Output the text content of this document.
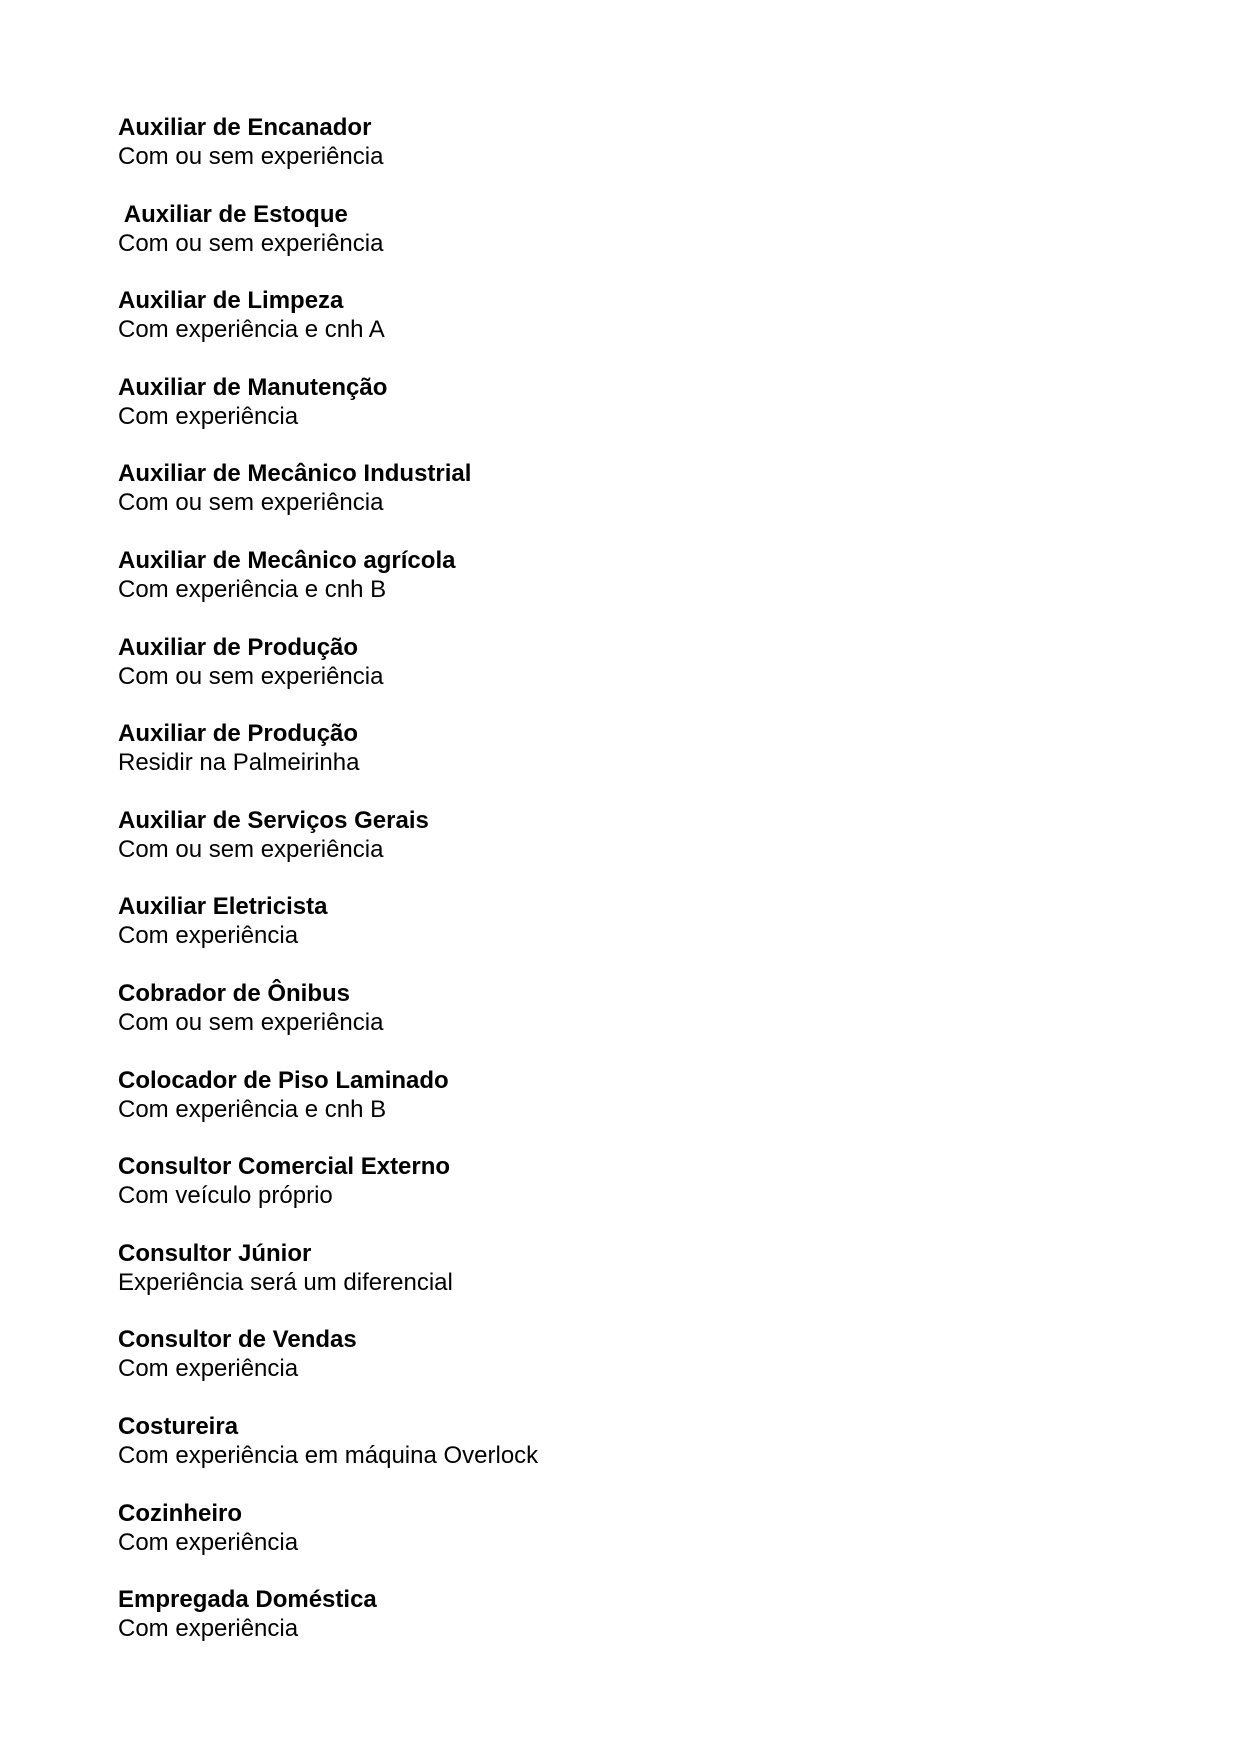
Auxiliar de Encanador
Com ou sem experiência
Auxiliar de Estoque
Com ou sem experiência
Auxiliar de Limpeza
Com experiência e cnh A
Auxiliar de Manutenção
Com experiência
Auxiliar de Mecânico Industrial
Com ou sem experiência
Auxiliar de Mecânico agrícola
Com experiência e cnh B
Auxiliar de Produção
Com ou sem experiência
Auxiliar de Produção
Residir na Palmeirinha
Auxiliar de Serviços Gerais
Com ou sem experiência
Auxiliar Eletricista
Com experiência
Cobrador de Ônibus
Com ou sem experiência
Colocador de Piso Laminado
Com experiência e cnh B
Consultor Comercial Externo
Com veículo próprio
Consultor Júnior
Experiência será um diferencial
Consultor de Vendas
Com experiência
Costureira
Com experiência em máquina Overlock
Cozinheiro
Com experiência
Empregada Doméstica
Com experiência
